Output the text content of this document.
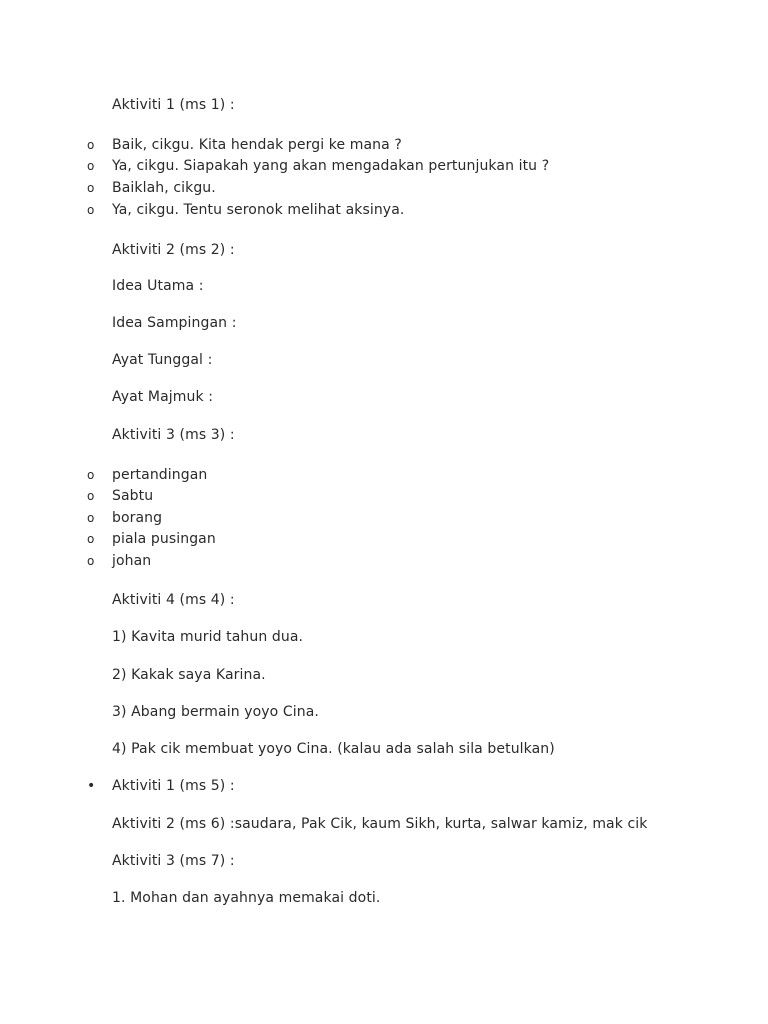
Aktiviti 1 (ms 1) :
o Baik, cikgu. Kita hendak pergi ke mana ?
o Ya, cikgu. Siapakah yang akan mengadakan pertunjukan itu ?
o Baiklah, cikgu.
o Ya, cikgu. Tentu seronok melihat aksinya.
Aktiviti 2 (ms 2) :
Idea Utama :
Idea Sampingan :
Ayat Tunggal :
Ayat Majmuk :
Aktiviti 3 (ms 3) :
o pertandingan
o Sabtu
o borang
o piala pusingan
o johan
Aktiviti 4 (ms 4) :
1) Kavita murid tahun dua.
2) Kakak saya Karina.
3) Abang bermain yoyo Cina.
4) Pak cik membuat yoyo Cina. (kalau ada salah sila betulkan)
• Aktiviti 1 (ms 5) :
Aktiviti 2 (ms 6) :saudara, Pak Cik, kaum Sikh, kurta, salwar kamiz, mak cik
Aktiviti 3 (ms 7) :
1. Mohan dan ayahnya memakai doti.
